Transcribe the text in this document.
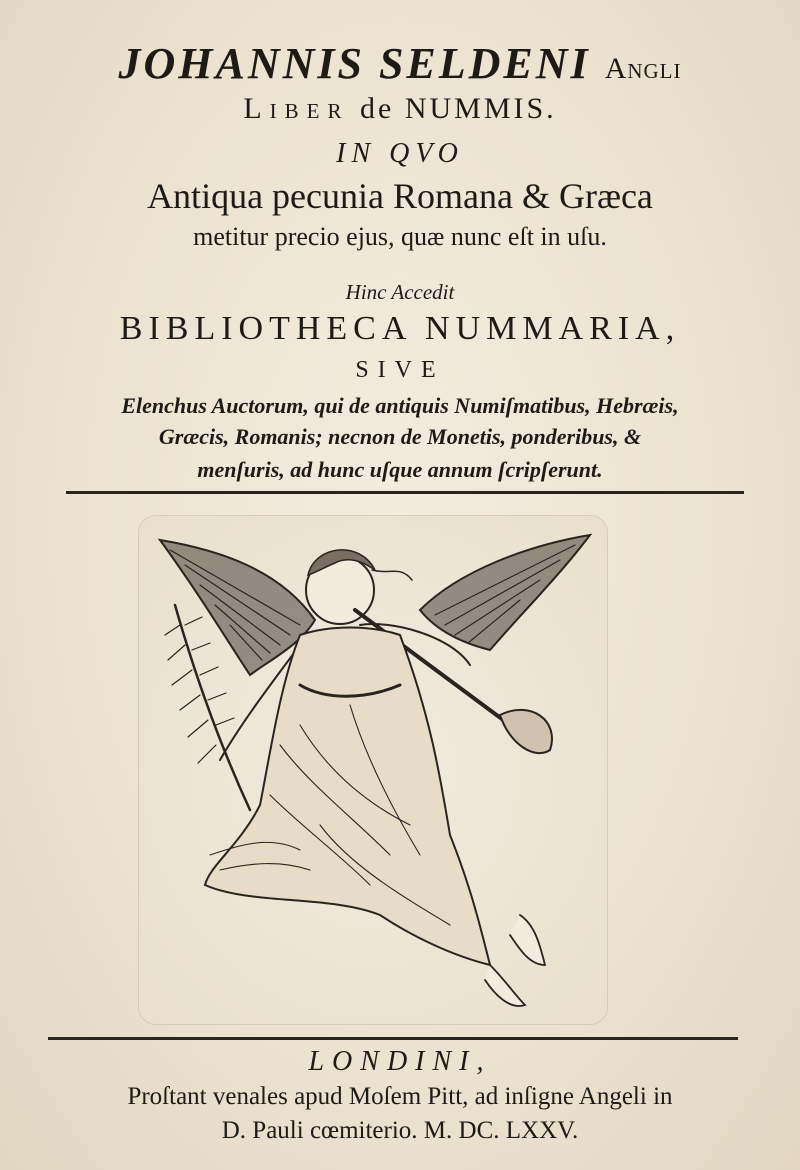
JOHANNIS SELDENI Angli
Liber de NUMMIS.
IN QVO
Antiqua pecunia Romana & Græca
metitur precio ejus, quæ nunc eſt in uſu.
Hinc Accedit
BIBLIOTHECA NUMMARIA,
SIVE
Elenchus Auctorum, qui de antiquis Numiſmatibus, Hebræis,
Græcis, Romanis; necnon de Monetis, ponderibus, &
menſuris, ad hunc uſque annum ſcripſerunt.
LONDINI,
Proſtant venales apud Moſem Pitt, ad inſigne Angeli in
D. Pauli cœmiterio. M. DC. LXXV.
